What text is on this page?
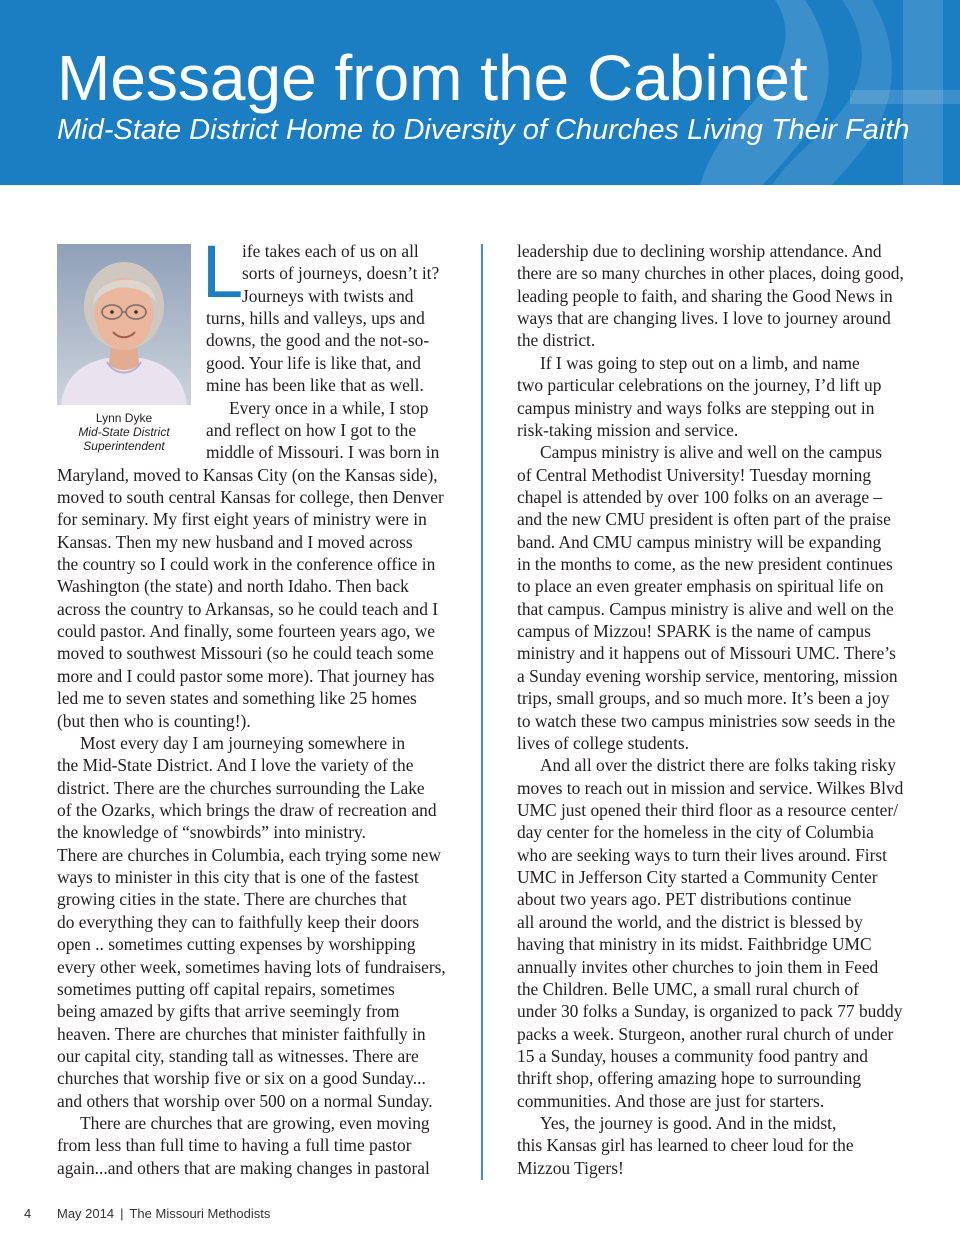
Message from the Cabinet
Mid-State District Home to Diversity of Churches Living Their Faith
Lynn Dyke
Mid-State District
Superintendent
L
ife takes each of us on all
sorts of journeys, doesn’t it?
Journeys with twists and
turns, hills and valleys, ups and
downs, the good and the not-so-
good. Your life is like that, and
mine has been like that as well.
Every once in a while, I stop
and reflect on how I got to the
middle of Missouri. I was born in
Maryland, moved to Kansas City (on the Kansas side),
moved to south central Kansas for college, then Denver
for seminary. My first eight years of ministry were in
Kansas. Then my new husband and I moved across
the country so I could work in the conference office in
Washington (the state) and north Idaho. Then back
across the country to Arkansas, so he could teach and I
could pastor. And finally, some fourteen years ago, we
moved to southwest Missouri (so he could teach some
more and I could pastor some more). That journey has
led me to seven states and something like 25 homes
(but then who is counting!).
Most every day I am journeying somewhere in
the Mid-State District. And I love the variety of the
district. There are the churches surrounding the Lake
of the Ozarks, which brings the draw of recreation and
the knowledge of “snowbirds” into ministry.
There are churches in Columbia, each trying some new
ways to minister in this city that is one of the fastest
growing cities in the state. There are churches that
do everything they can to faithfully keep their doors
open .. sometimes cutting expenses by worshipping
every other week, sometimes having lots of fundraisers,
sometimes putting off capital repairs, sometimes
being amazed by gifts that arrive seemingly from
heaven. There are churches that minister faithfully in
our capital city, standing tall as witnesses. There are
churches that worship five or six on a good Sunday...
and others that worship over 500 on a normal Sunday.
There are churches that are growing, even moving
from less than full time to having a full time pastor
again...and others that are making changes in pastoral
leadership due to declining worship attendance. And
there are so many churches in other places, doing good,
leading people to faith, and sharing the Good News in
ways that are changing lives. I love to journey around
the district.
If I was going to step out on a limb, and name
two particular celebrations on the journey, I’d lift up
campus ministry and ways folks are stepping out in
risk-taking mission and service.
Campus ministry is alive and well on the campus
of Central Methodist University! Tuesday morning
chapel is attended by over 100 folks on an average –
and the new CMU president is often part of the praise
band. And CMU campus ministry will be expanding
in the months to come, as the new president continues
to place an even greater emphasis on spiritual life on
that campus. Campus ministry is alive and well on the
campus of Mizzou! SPARK is the name of campus
ministry and it happens out of Missouri UMC. There’s
a Sunday evening worship service, mentoring, mission
trips, small groups, and so much more. It’s been a joy
to watch these two campus ministries sow seeds in the
lives of college students.
And all over the district there are folks taking risky
moves to reach out in mission and service. Wilkes Blvd
UMC just opened their third floor as a resource center/
day center for the homeless in the city of Columbia
who are seeking ways to turn their lives around. First
UMC in Jefferson City started a Community Center
about two years ago. PET distributions continue
all around the world, and the district is blessed by
having that ministry in its midst. Faithbridge UMC
annually invites other churches to join them in Feed
the Children. Belle UMC, a small rural church of
under 30 folks a Sunday, is organized to pack 77 buddy
packs a week. Sturgeon, another rural church of under
15 a Sunday, houses a community food pantry and
thrift shop, offering amazing hope to surrounding
communities. And those are just for starters.
Yes, the journey is good. And in the midst,
this Kansas girl has learned to cheer loud for the
Mizzou Tigers!
4 May 2014 | The Missouri Methodists
